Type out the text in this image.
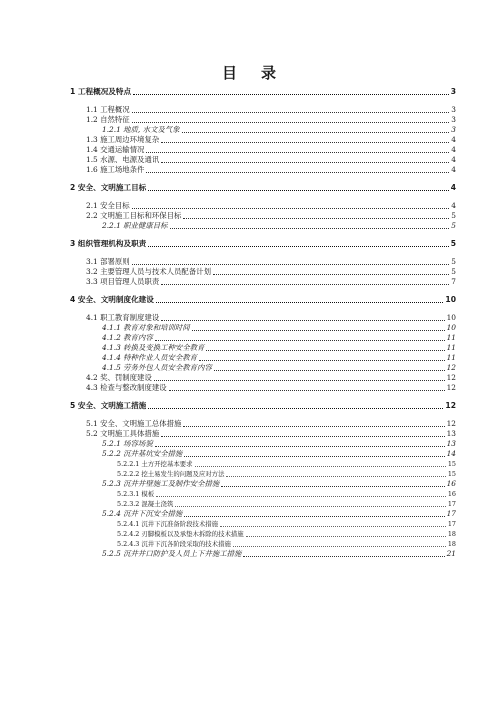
目 录
1 工程概况及特点	3
1.1 工程概况	3
1.2 自然特征	3
1.2.1 地质, 水文及气象	3
1.3 施工周边环境复杂	4
1.4 交通运输情况	4
1.5 水源、电源及通讯	4
1.6 施工场地条件	4
2 安全、文明施工目标	4
2.1 安全目标	4
2.2 文明施工目标和环保目标	5
2.2.1 职业健康目标	5
3 组织管理机构及职责	5
3.1 部署原则	5
3.2 主要管理人员与技术人员配备计划	5
3.3 项目管理人员职责	7
4 安全、文明制度化建设	10
4.1 职工教育制度建设	10
4.1.1 教育对象和培训时间	10
4.1.2 教育内容	11
4.1.3 转换及变换工种安全教育	11
4.1.4 特种作业人员安全教育	11
4.1.5 劳务外包人员安全教育内容	12
4.2 奖、罚制度建设	12
4.3 检查与整改制度建设	12
5 安全、文明施工措施	12
5.1 安全、文明施工总体措施	12
5.2 文明施工具体措施	13
5.2.1 场容场貌	13
5.2.2 沉井基坑安全措施	14
5.2.2.1 土方开挖基本要求	15
5.2.2.2 挖土易发生的问题及应对方法	15
5.2.3 沉井井壁施工及制作安全措施	16
5.2.3.1 模板	16
5.2.3.2 混凝土浇筑	17
5.2.4 沉井下沉安全措施	17
5.2.4.1 沉井下沉准备阶段技术措施	17
5.2.4.2 刃脚模板以及承垫木拆除的技术措施	18
5.2.4.3 沉井下沉各阶段采取的技术措施	18
5.2.5 沉井井口防护及人员上下井施工措施	21
